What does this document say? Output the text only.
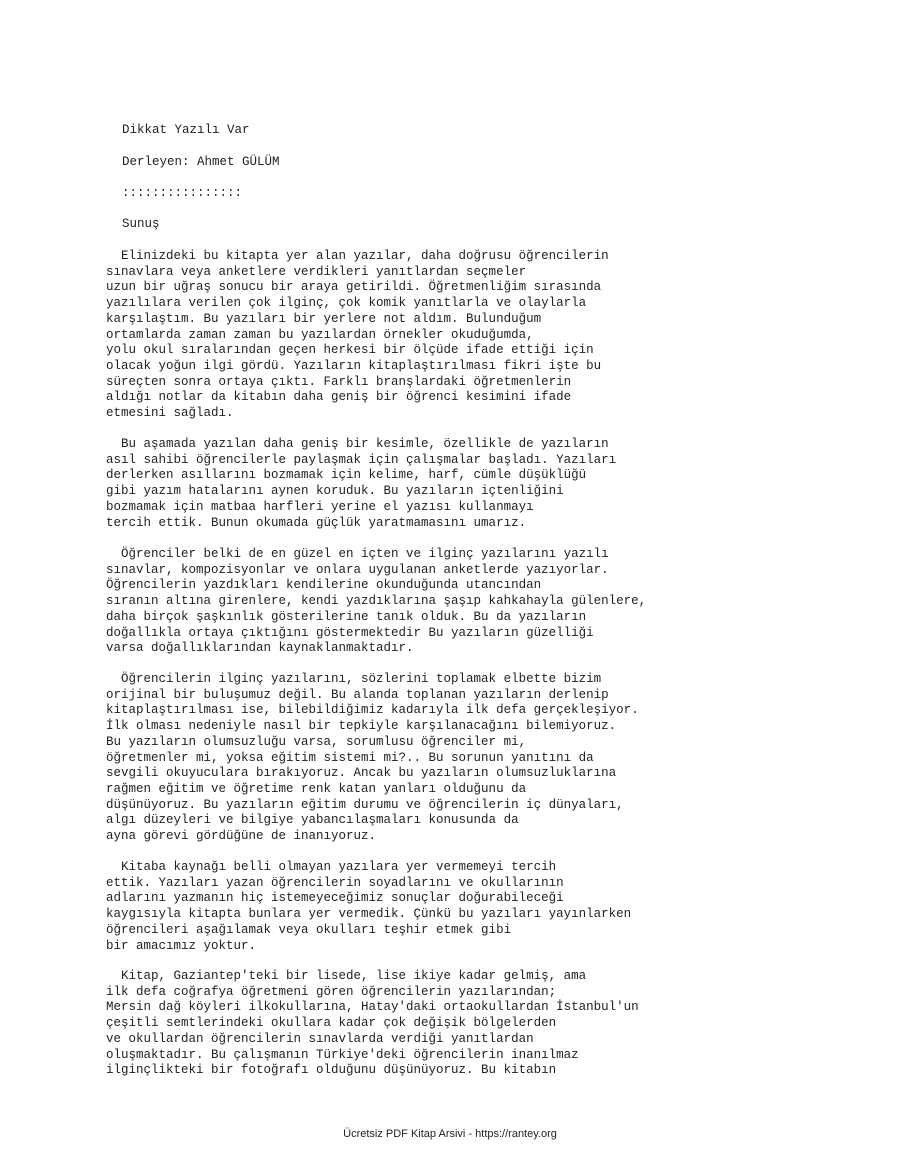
Dikkat Yazılı Var

Derleyen: Ahmet GÜLÜM

::::::::::::::::

Sunuş

Elinizdeki bu kitapta yer alan yazılar, daha doğrusu öğrencilerin
sınavlara veya anketlere verdikleri yanıtlardan seçmeler
uzun bir uğraş sonucu bir araya getirildi. Öğretmenliğim sırasında
yazılılara verilen çok ilginç, çok komik yanıtlarla ve olaylarla
karşılaştım. Bu yazıları bir yerlere not aldım. Bulunduğum
ortamlarda zaman zaman bu yazılardan örnekler okuduğumda,
yolu okul sıralarından geçen herkesi bir ölçüde ifade ettiği için
olacak yoğun ilgi gördü. Yazıların kitaplaştırılması fikri işte bu
süreçten sonra ortaya çıktı. Farklı branşlardaki öğretmenlerin
aldığı notlar da kitabın daha geniş bir öğrenci kesimini ifade
etmesini sağladı.

Bu aşamada yazılan daha geniş bir kesimle, özellikle de yazıların
asıl sahibi öğrencilerle paylaşmak için çalışmalar başladı. Yazıları
derlerken asıllarını bozmamak için kelime, harf, cümle düşüklüğü
gibi yazım hatalarını aynen koruduk. Bu yazıların içtenliğini
bozmamak için matbaa harfleri yerine el yazısı kullanmayı
tercih ettik. Bunun okumada güçlük yaratmamasını umarız.

Öğrenciler belki de en güzel en içten ve ilginç yazılarını yazılı
sınavlar, kompozisyonlar ve onlara uygulanan anketlerde yazıyorlar.
Öğrencilerin yazdıkları kendilerine okunduğunda utancından
sıranın altına girenlere, kendi yazdıklarına şaşıp kahkahayla gülenlere,
daha birçok şaşkınlık gösterilerine tanık olduk. Bu da yazıların
doğallıkla ortaya çıktığını göstermektedir Bu yazıların güzelliği
varsa doğallıklarından kaynaklanmaktadır.

Öğrencilerin ilginç yazılarını, sözlerini toplamak elbette bizim
orijinal bir buluşumuz değil. Bu alanda toplanan yazıların derlenip
kitaplaştırılması ise, bilebildiğimiz kadarıyla ilk defa gerçekleşiyor.
İlk olması nedeniyle nasıl bir tepkiyle karşılanacağını bilemiyoruz.
Bu yazıların olumsuzluğu varsa, sorumlusu öğrenciler mi,
öğretmenler mi, yoksa eğitim sistemi mi?.. Bu sorunun yanıtını da
sevgili okuyuculara bırakıyoruz. Ancak bu yazıların olumsuzluklarına
rağmen eğitim ve öğretime renk katan yanları olduğunu da
düşünüyoruz. Bu yazıların eğitim durumu ve öğrencilerin iç dünyaları,
algı düzeyleri ve bilgiye yabancılaşmaları konusunda da
ayna görevi gördüğüne de inanıyoruz.

Kitaba kaynağı belli olmayan yazılara yer vermemeyi tercih
ettik. Yazıları yazan öğrencilerin soyadlarını ve okullarının
adlarını yazmanın hiç istemeyeceğimiz sonuçlar doğurabileceği
kaygısıyla kitapta bunlara yer vermedik. Çünkü bu yazıları yayınlarken
öğrencileri aşağılamak veya okulları teşhir etmek gibi
bir amacımız yoktur.

Kitap, Gaziantep'teki bir lisede, lise ikiye kadar gelmiş, ama
ilk defa coğrafya öğretmeni gören öğrencilerin yazılarından;
Mersin dağ köyleri ilkokullarına, Hatay'daki ortaokullardan İstanbul'un
çeşitli semtlerindeki okullara kadar çok değişik bölgelerden
ve okullardan öğrencilerin sınavlarda verdiği yanıtlardan
oluşmaktadır. Bu çalışmanın Türkiye'deki öğrencilerin inanılmaz
ilginçlikteki bir fotoğrafı olduğunu düşünüyoruz. Bu kitabın

Ücretsiz PDF Kitap Arsivi - https://rantey.org
